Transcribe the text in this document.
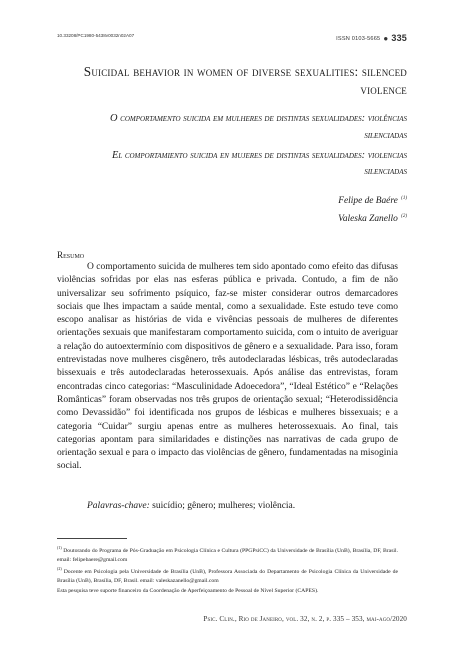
10.33208/PC1980-5438v0032n02A07
ISSN 0103-5665 ● 335
Suicidal behavior in women of diverse sexualities: silenced violence
O comportamento suicida em mulheres de distintas sexualidades: violências silenciadas
El comportamiento suicida en mujeres de distintas sexualidades: violencias silenciadas
Felipe de Baére $^{(1)}$
Valeska Zanello $^{(2)}$
Resumo

O comportamento suicida de mulheres tem sido apontado como efeito das difusas violências sofridas por elas nas esferas pública e privada. Contudo, a fim de não universalizar seu sofrimento psíquico, faz-se mister considerar outros demarcadores sociais que lhes impactam a saúde mental, como a sexualidade. Este estudo teve como escopo analisar as histórias de vida e vivências pessoais de mulheres de diferentes orientações sexuais que manifestaram comportamento suicida, com o intuito de averiguar a relação do autoextermínio com dispositivos de gênero e a sexualidade. Para isso, foram entrevistadas nove mulheres cisgênero, três autodeclaradas lésbicas, três autodeclaradas bissexuais e três autodeclaradas heterossexuais. Após análise das entrevistas, foram encontradas cinco categorias: “Masculinidade Adoecedora”, “Ideal Estético” e “Relações Românticas” foram observadas nos três grupos de orientação sexual; “Heterodissidência como Devassidão” foi identificada nos grupos de lésbicas e mulheres bissexuais; e a categoria “Cuidar” surgiu apenas entre as mulheres heterossexuais. Ao final, tais categorias apontam para similaridades e distinções nas narrativas de cada grupo de orientação sexual e para o impacto das violências de gênero, fundamentadas na misoginia social.

Palavras-chave: suicídio; gênero; mulheres; violência.
$^{(1)}$ Doutorando do Programa de Pós-Graduação em Psicologia Clínica e Cultura (PPGPsiCC) da Universidade de Brasília (UnB), Brasília, DF, Brasil. email: felipebaere@gmail.com
$^{(2)}$ Docente em Psicologia pela Universidade de Brasília (UnB), Professora Associada do Departamento de Psicologia Clínica da Universidade de Brasília (UnB), Brasília, DF, Brasil. email: valeskazanello@gmail.com
Esta pesquisa teve suporte financeiro da Coordenação de Aperfeiçoamento de Pessoal de Nível Superior (CAPES).
Psic. Clin., Rio de Janeiro, vol. 32, n. 2, p. 335 – 353, mai-ago/2020
